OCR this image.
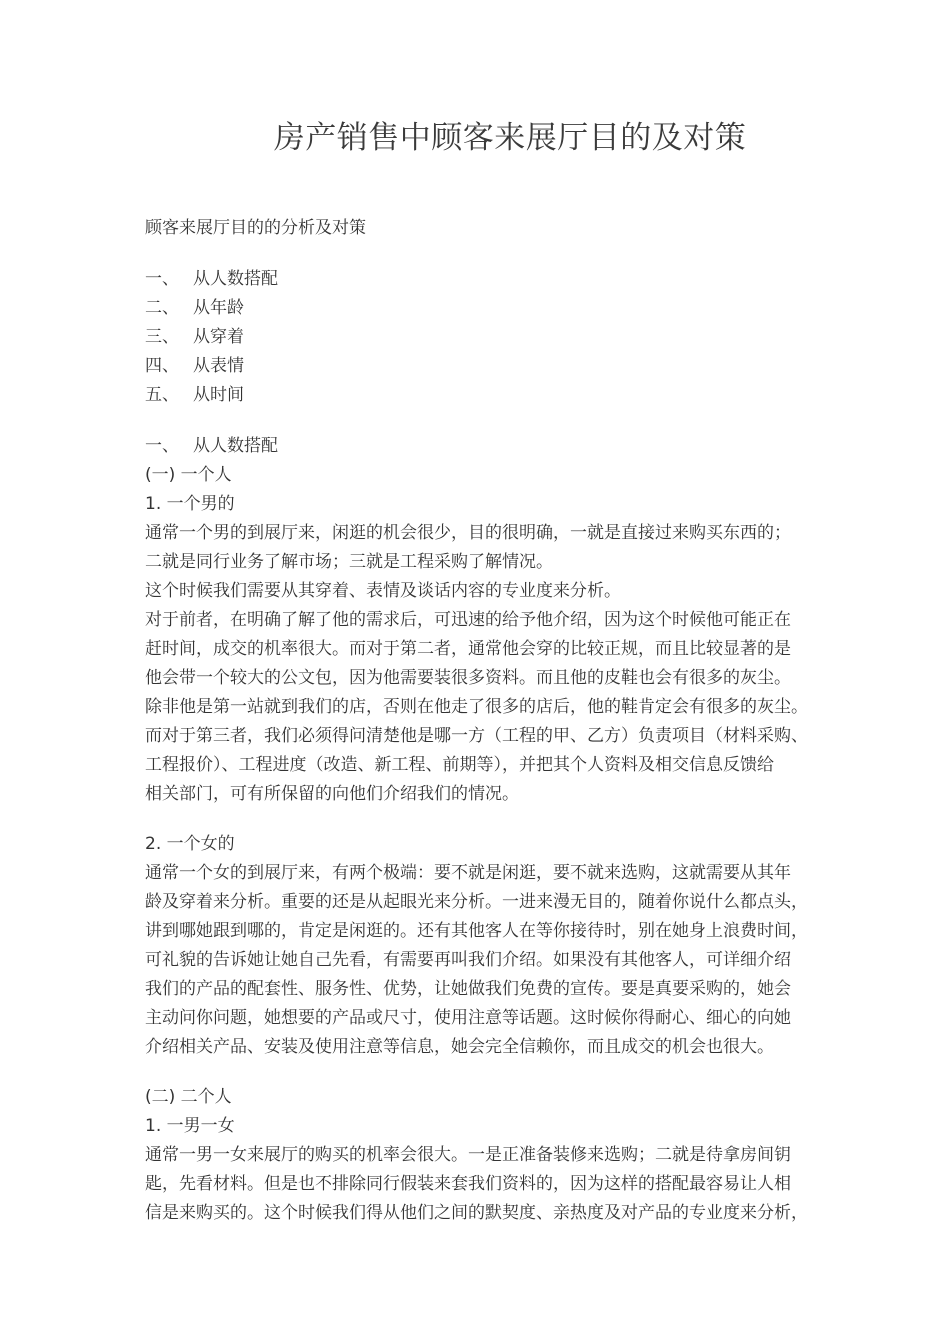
房产销售中顾客来展厅目的及对策

顾客来展厅目的的分析及对策

一、 从人数搭配

二、 从年龄

三、 从穿着

四、 从表情

五、 从时间

一、 从人数搭配

(一) 一个人

1. 一个男的

通常一个男的到展厅来，闲逛的机会很少，目的很明确，一就是直接过来购买东西的；

二就是同行业务了解市场；三就是工程采购了解情况。

这个时候我们需要从其穿着、表情及谈话内容的专业度来分析。

对于前者，在明确了解了他的需求后，可迅速的给予他介绍，因为这个时候他可能正在

赶时间，成交的机率很大。而对于第二者，通常他会穿的比较正规，而且比较显著的是

他会带一个较大的公文包，因为他需要装很多资料。而且他的皮鞋也会有很多的灰尘。

除非他是第一站就到我们的店，否则在他走了很多的店后，他的鞋肯定会有很多的灰尘。

而对于第三者，我们必须得问清楚他是哪一方（工程的甲、乙方）负责项目（材料采购、

工程报价）、工程进度（改造、新工程、前期等），并把其个人资料及相交信息反馈给

相关部门，可有所保留的向他们介绍我们的情况。

2. 一个女的

通常一个女的到展厅来，有两个极端：要不就是闲逛，要不就来选购，这就需要从其年

龄及穿着来分析。重要的还是从起眼光来分析。一进来漫无目的，随着你说什么都点头，

讲到哪她跟到哪的，肯定是闲逛的。还有其他客人在等你接待时，别在她身上浪费时间，

可礼貌的告诉她让她自己先看，有需要再叫我们介绍。如果没有其他客人，可详细介绍

我们的产品的配套性、服务性、优势，让她做我们免费的宣传。要是真要采购的，她会

主动问你问题，她想要的产品或尺寸，使用注意等话题。这时候你得耐心、细心的向她

介绍相关产品、安装及使用注意等信息，她会完全信赖你，而且成交的机会也很大。

(二) 二个人

1. 一男一女

通常一男一女来展厅的购买的机率会很大。一是正准备装修来选购；二就是待拿房间钥

匙，先看材料。但是也不排除同行假装来套我们资料的，因为这样的搭配最容易让人相

信是来购买的。这个时候我们得从他们之间的默契度、亲热度及对产品的专业度来分析，
